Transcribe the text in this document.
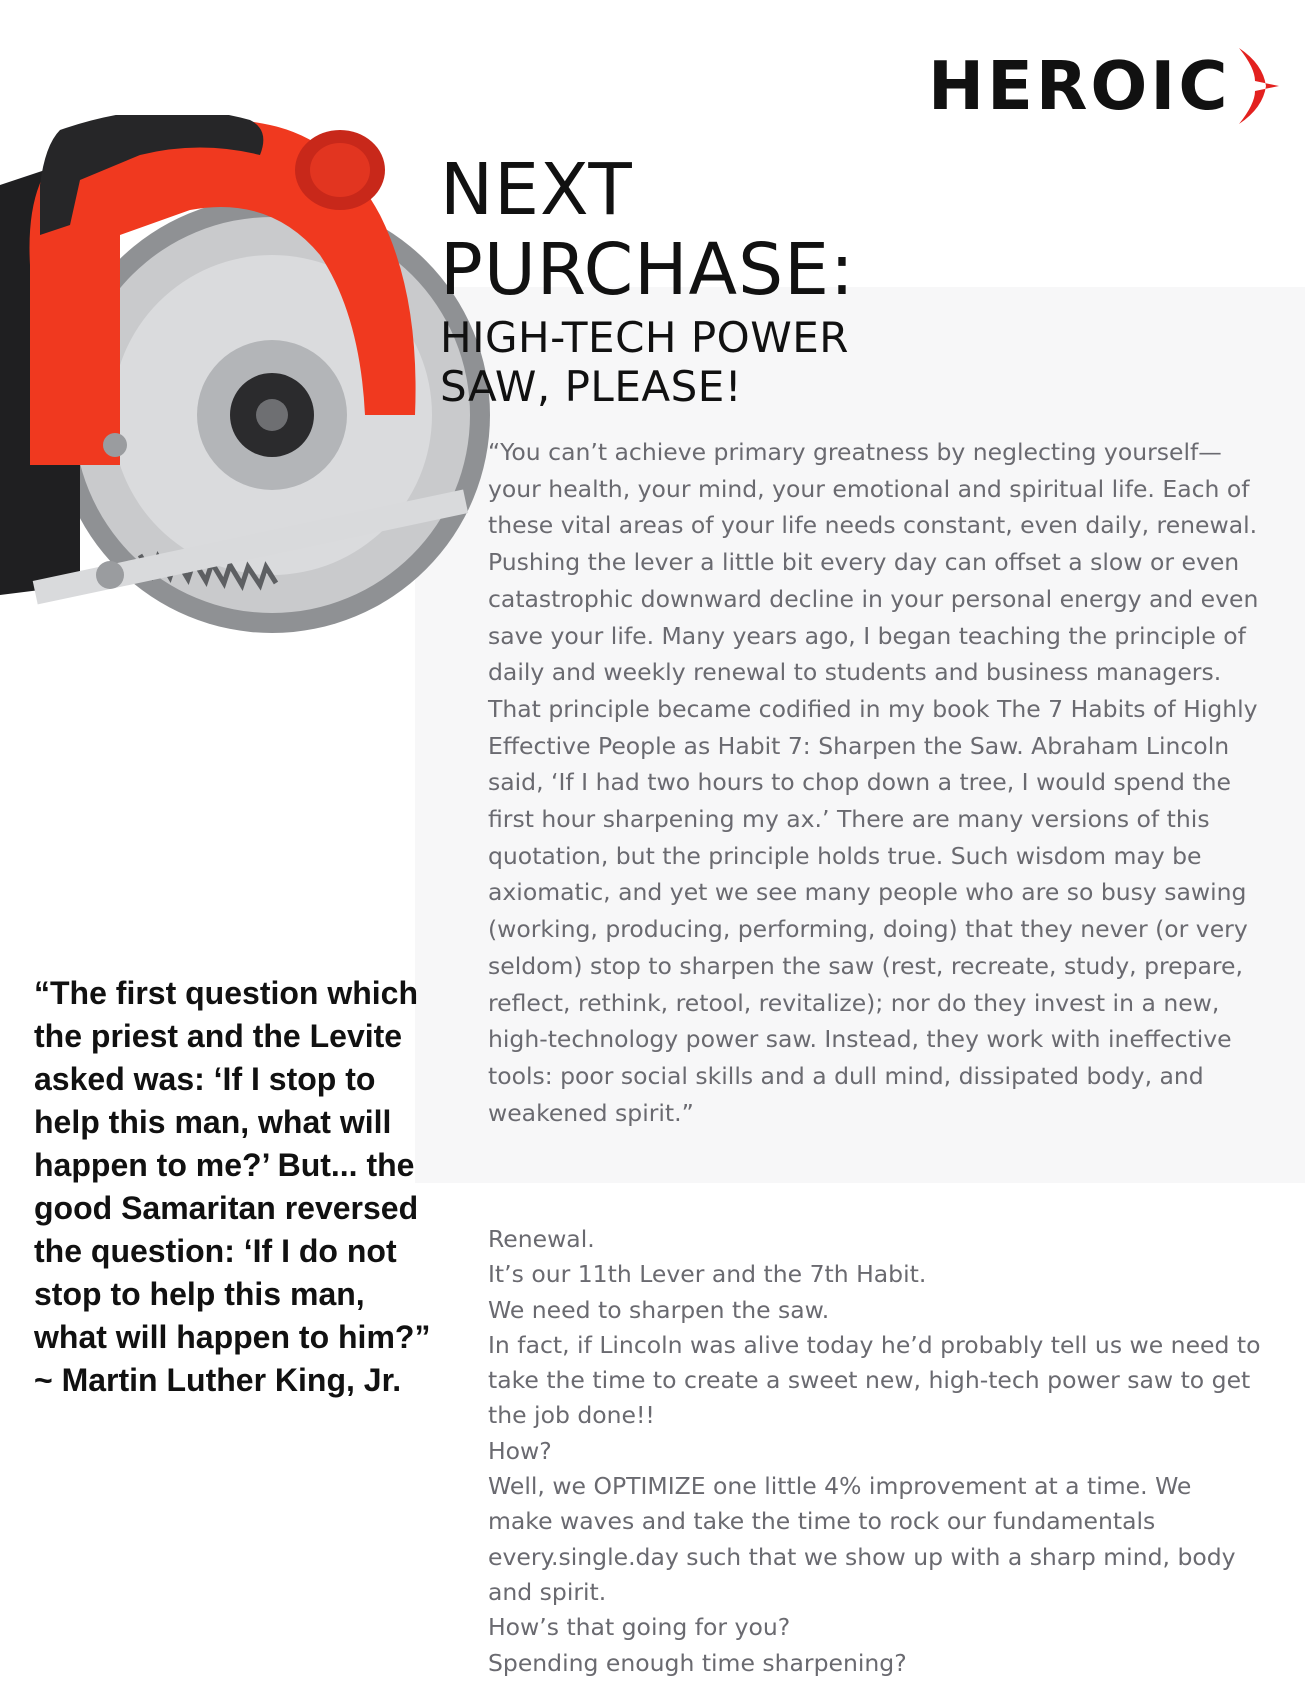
HEROIC
NEXT
PURCHASE:
HIGH-TECH POWER SAW, PLEASE!

“You can’t achieve primary greatness by neglecting yourself—your health, your mind, your emotional and spiritual life. Each of these vital areas of your life needs constant, even daily, renewal. Pushing the lever a little bit every day can offset a slow or even catastrophic downward decline in your personal energy and even save your life. Many years ago, I began teaching the principle of daily and weekly renewal to students and business managers. That principle became codified in my book The 7 Habits of Highly Effective People as Habit 7: Sharpen the Saw. Abraham Lincoln said, ‘If I had two hours to chop down a tree, I would spend the first hour sharpening my ax.’ There are many versions of this quotation, but the principle holds true. Such wisdom may be axiomatic, and yet we see many people who are so busy sawing (working, producing, performing, doing) that they never (or very seldom) stop to sharpen the saw (rest, recreate, study, prepare, reflect, rethink, retool, revitalize); nor do they invest in a new, high-technology power saw. Instead, they work with ineffective tools: poor social skills and a dull mind, dissipated body, and weakened spirit.”

“The first question which the priest and the Levite asked was: ‘If I stop to help this man, what will happen to me?’ But... the good Samaritan reversed the question: ‘If I do not stop to help this man, what will happen to him?”
~ Martin Luther King, Jr.

Renewal.

It’s our 11th Lever and the 7th Habit.

We need to sharpen the saw.

In fact, if Lincoln was alive today he’d probably tell us we need to take the time to create a sweet new, high-tech power saw to get the job done!!

How?

Well, we OPTIMIZE one little 4% improvement at a time. We make waves and take the time to rock our fundamentals every.single.day such that we show up with a sharp mind, body and spirit.

How’s that going for you?

Spending enough time sharpening?
